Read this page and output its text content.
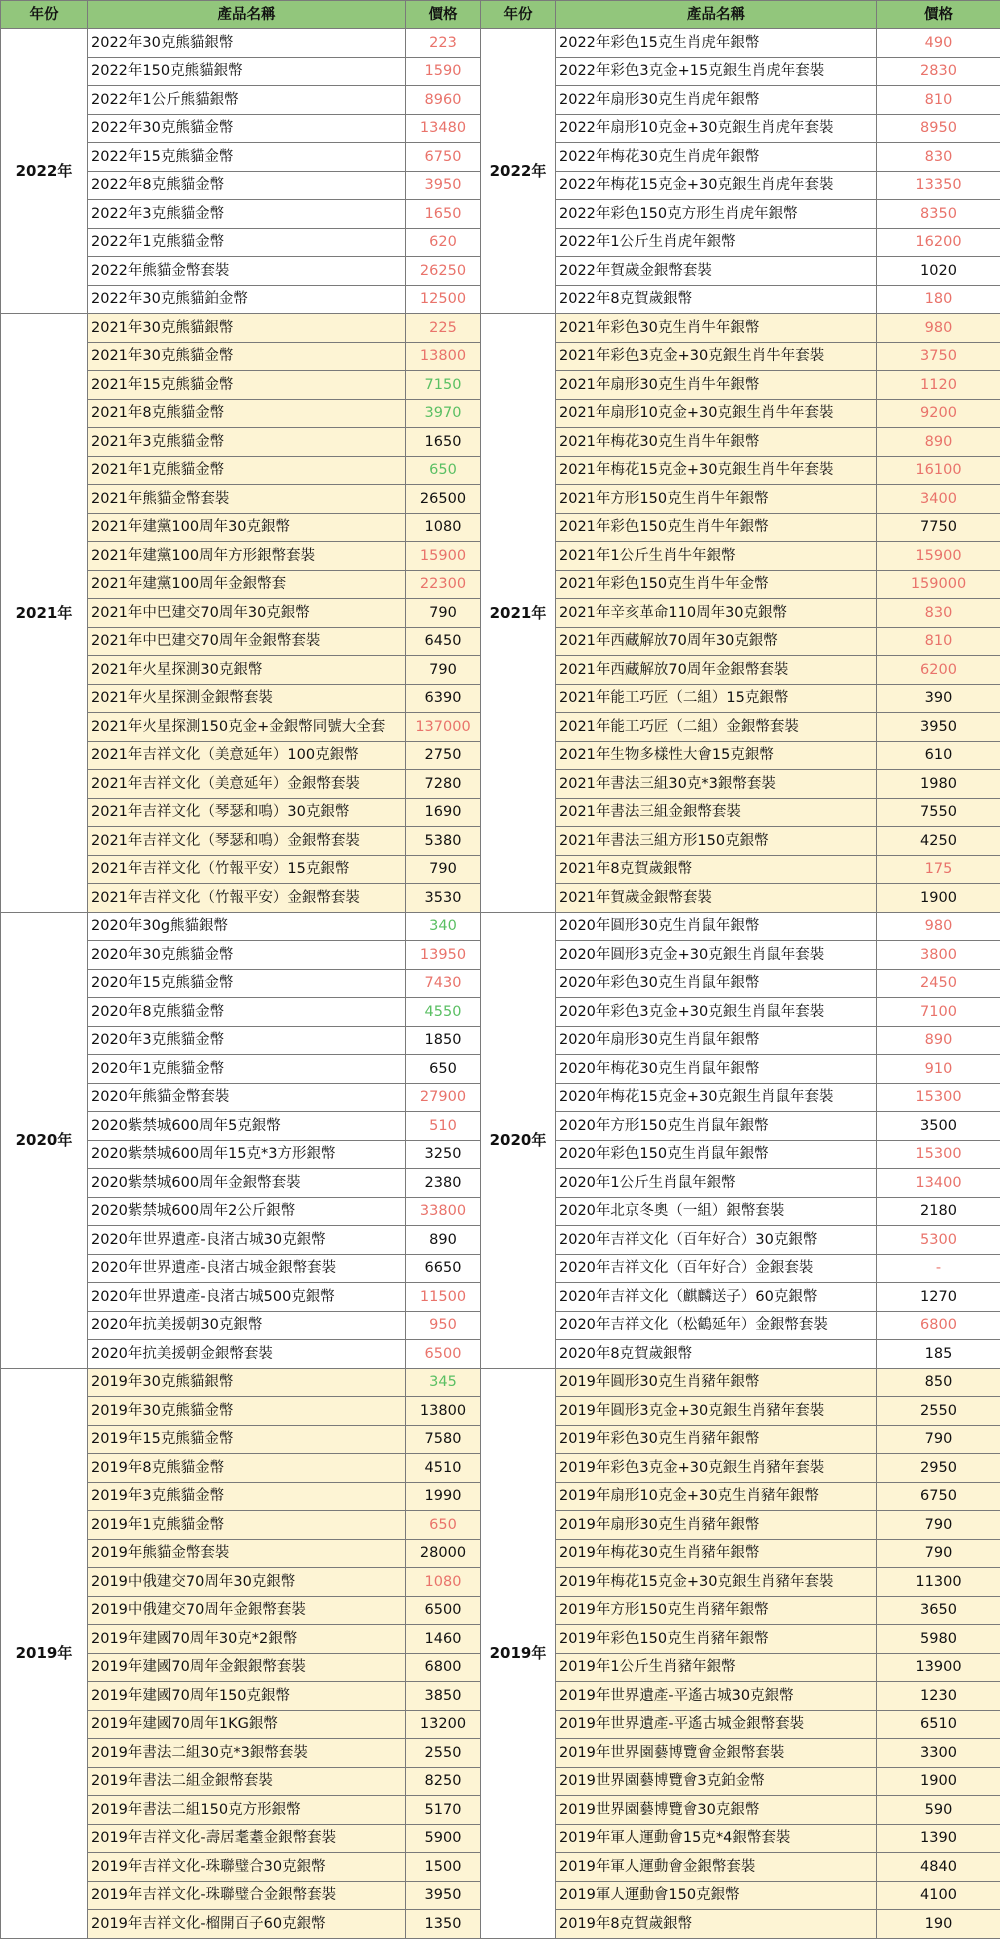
年份	產品名稱	價格	年份	產品名稱	價格
2022年	2022年30克熊貓銀幣	223	2022年	2022年彩色15克生肖虎年銀幣	490
	2022年150克熊貓銀幣	1590		2022年彩色3克金+15克銀生肖虎年套裝	2830
	2022年1公斤熊貓銀幣	8960		2022年扇形30克生肖虎年銀幣	810
	2022年30克熊貓金幣	13480		2022年扇形10克金+30克銀生肖虎年套裝	8950
	2022年15克熊貓金幣	6750		2022年梅花30克生肖虎年銀幣	830
	2022年8克熊貓金幣	3950		2022年梅花15克金+30克銀生肖虎年套裝	13350
	2022年3克熊貓金幣	1650		2022年彩色150克方形生肖虎年銀幣	8350
	2022年1克熊貓金幣	620		2022年1公斤生肖虎年銀幣	16200
	2022年熊貓金幣套裝	26250		2022年賀歲金銀幣套裝	1020
	2022年30克熊貓鉑金幣	12500		2022年8克賀歲銀幣	180
2021年	2021年30克熊貓銀幣	225	2021年	2021年彩色30克生肖牛年銀幣	980
	2021年30克熊貓金幣	13800		2021年彩色3克金+30克銀生肖牛年套裝	3750
	2021年15克熊貓金幣	7150		2021年扇形30克生肖牛年銀幣	1120
	2021年8克熊貓金幣	3970		2021年扇形10克金+30克銀生肖牛年套裝	9200
	2021年3克熊貓金幣	1650		2021年梅花30克生肖牛年銀幣	890
	2021年1克熊貓金幣	650		2021年梅花15克金+30克銀生肖牛年套裝	16100
	2021年熊貓金幣套裝	26500		2021年方形150克生肖牛年銀幣	3400
	2021年建黨100周年30克銀幣	1080		2021年彩色150克生肖牛年銀幣	7750
	2021年建黨100周年方形銀幣套裝	15900		2021年1公斤生肖牛年銀幣	15900
	2021年建黨100周年金銀幣套	22300		2021年彩色150克生肖牛年金幣	159000
	2021年中巴建交70周年30克銀幣	790		2021年辛亥革命110周年30克銀幣	830
	2021年中巴建交70周年金銀幣套裝	6450		2021年西藏解放70周年30克銀幣	810
	2021年火星探測30克銀幣	790		2021年西藏解放70周年金銀幣套裝	6200
	2021年火星探測金銀幣套裝	6390		2021年能工巧匠（二組）15克銀幣	390
	2021年火星探測150克金+金銀幣同號大全套	137000		2021年能工巧匠（二組）金銀幣套裝	3950
	2021年吉祥文化（美意延年）100克銀幣	2750		2021年生物多樣性大會15克銀幣	610
	2021年吉祥文化（美意延年）金銀幣套裝	7280		2021年書法三組30克*3銀幣套裝	1980
	2021年吉祥文化（琴瑟和鳴）30克銀幣	1690		2021年書法三組金銀幣套裝	7550
	2021年吉祥文化（琴瑟和鳴）金銀幣套裝	5380		2021年書法三組方形150克銀幣	4250
	2021年吉祥文化（竹報平安）15克銀幣	790		2021年8克賀歲銀幣	175
	2021年吉祥文化（竹報平安）金銀幣套裝	3530		2021年賀歲金銀幣套裝	1900
2020年	2020年30g熊貓銀幣	340	2020年	2020年圓形30克生肖鼠年銀幣	980
	2020年30克熊貓金幣	13950		2020年圓形3克金+30克銀生肖鼠年套裝	3800
	2020年15克熊貓金幣	7430		2020年彩色30克生肖鼠年銀幣	2450
	2020年8克熊貓金幣	4550		2020年彩色3克金+30克銀生肖鼠年套裝	7100
	2020年3克熊貓金幣	1850		2020年扇形30克生肖鼠年銀幣	890
	2020年1克熊貓金幣	650		2020年梅花30克生肖鼠年銀幣	910
	2020年熊貓金幣套裝	27900		2020年梅花15克金+30克銀生肖鼠年套裝	15300
	2020紫禁城600周年5克銀幣	510		2020年方形150克生肖鼠年銀幣	3500
	2020紫禁城600周年15克*3方形銀幣	3250		2020年彩色150克生肖鼠年銀幣	15300
	2020紫禁城600周年金銀幣套裝	2380		2020年1公斤生肖鼠年銀幣	13400
	2020紫禁城600周年2公斤銀幣	33800		2020年北京冬奧（一組）銀幣套裝	2180
	2020年世界遺產-良渚古城30克銀幣	890		2020年吉祥文化（百年好合）30克銀幣	5300
	2020年世界遺產-良渚古城金銀幣套裝	6650		2020年吉祥文化（百年好合）金銀套裝	-
	2020年世界遺產-良渚古城500克銀幣	11500		2020年吉祥文化（麒麟送子）60克銀幣	1270
	2020年抗美援朝30克銀幣	950		2020年吉祥文化（松鶴延年）金銀幣套裝	6800
	2020年抗美援朝金銀幣套裝	6500		2020年8克賀歲銀幣	185
2019年	2019年30克熊貓銀幣	345	2019年	2019年圓形30克生肖豬年銀幣	850
	2019年30克熊貓金幣	13800		2019年圓形3克金+30克銀生肖豬年套裝	2550
	2019年15克熊貓金幣	7580		2019年彩色30克生肖豬年銀幣	790
	2019年8克熊貓金幣	4510		2019年彩色3克金+30克銀生肖豬年套裝	2950
	2019年3克熊貓金幣	1990		2019年扇形10克金+30克生肖豬年銀幣	6750
	2019年1克熊貓金幣	650		2019年扇形30克生肖豬年銀幣	790
	2019年熊貓金幣套裝	28000		2019年梅花30克生肖豬年銀幣	790
	2019中俄建交70周年30克銀幣	1080		2019年梅花15克金+30克銀生肖豬年套裝	11300
	2019中俄建交70周年金銀幣套裝	6500		2019年方形150克生肖豬年銀幣	3650
	2019年建國70周年30克*2銀幣	1460		2019年彩色150克生肖豬年銀幣	5980
	2019年建國70周年金銀銀幣套裝	6800		2019年1公斤生肖豬年銀幣	13900
	2019年建國70周年150克銀幣	3850		2019年世界遺產-平遙古城30克銀幣	1230
	2019年建國70周年1KG銀幣	13200		2019年世界遺產-平遙古城金銀幣套裝	6510
	2019年書法二組30克*3銀幣套裝	2550		2019年世界園藝博覽會金銀幣套裝	3300
	2019年書法二組金銀幣套裝	8250		2019世界園藝博覽會3克鉑金幣	1900
	2019年書法二組150克方形銀幣	5170		2019世界園藝博覽會30克銀幣	590
	2019年吉祥文化-壽居耄耋金銀幣套裝	5900		2019年軍人運動會15克*4銀幣套裝	1390
	2019年吉祥文化-珠聯璧合30克銀幣	1500		2019年軍人運動會金銀幣套裝	4840
	2019年吉祥文化-珠聯璧合金銀幣套裝	3950		2019軍人運動會150克銀幣	4100
	2019年吉祥文化-榴開百子60克銀幣	1350		2019年8克賀歲銀幣	190
